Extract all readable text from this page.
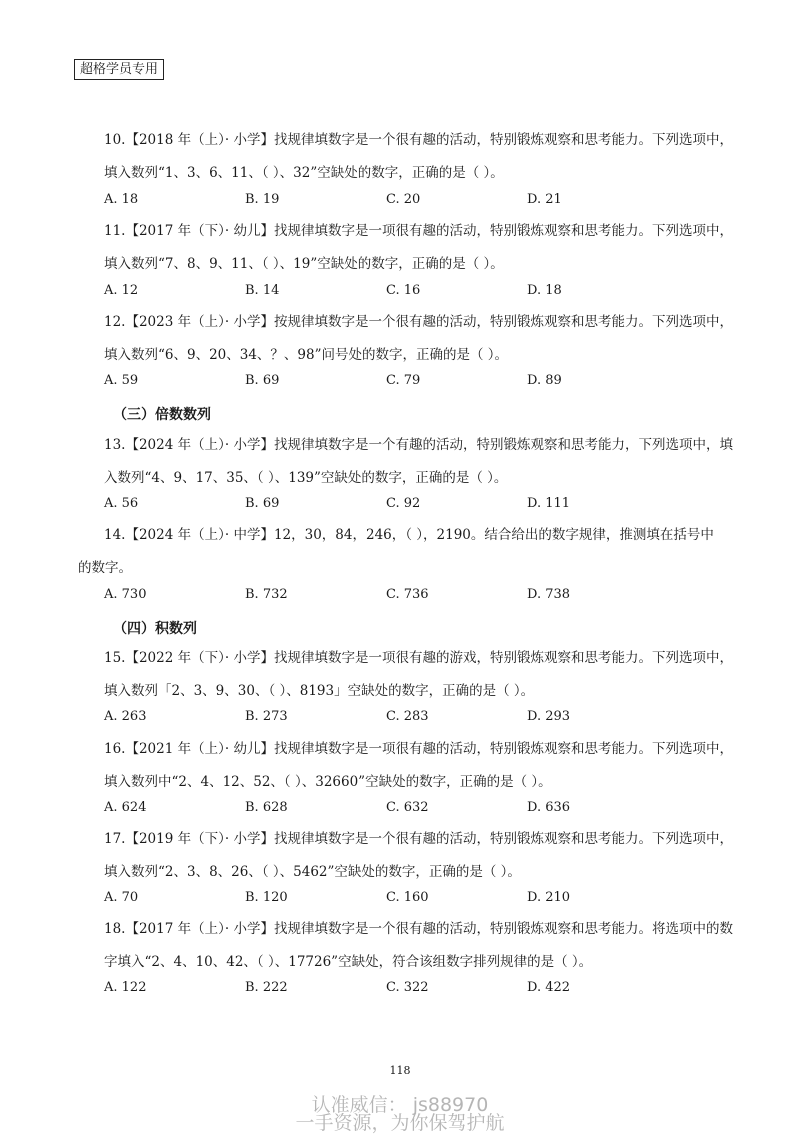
超格学员专用
10.【2018 年（上）· 小学】找规律填数字是一个很有趣的活动，特别锻炼观察和思考能力。下列选项中，
填入数列“1、3、6、11、（ ）、32”空缺处的数字，正确的是（ ）。
A. 18	B. 19	C. 20	D. 21
11.【2017 年（下）· 幼儿】找规律填数字是一项很有趣的活动，特别锻炼观察和思考能力。下列选项中，
填入数列“7、8、9、11、（ ）、19”空缺处的数字，正确的是（ ）。
A. 12	B. 14	C. 16	D. 18
12.【2023 年（上）· 小学】按规律填数字是一个很有趣的活动，特别锻炼观察和思考能力。下列选项中，
填入数列“6、9、20、34、？、98”问号处的数字，正确的是（ ）。
A. 59	B. 69	C. 79	D. 89
（三）倍数数列
13.【2024 年（上）· 小学】找规律填数字是一个有趣的活动，特别锻炼观察和思考能力，下列选项中，填
入数列“4、9、17、35、（ ）、139”空缺处的数字，正确的是（ ）。
A. 56	B. 69	C. 92	D. 111
14.【2024 年（上）· 中学】12，30，84，246，（ ），2190。结合给出的数字规律，推测填在括号中
的数字。
A. 730	B. 732	C. 736	D. 738
（四）积数列
15.【2022 年（下）· 小学】找规律填数字是一项很有趣的游戏，特别锻炼观察和思考能力。下列选项中，
填入数列「2、3、9、30、（ ）、8193」空缺处的数字，正确的是（ ）。
A. 263	B. 273	C. 283	D. 293
16.【2021 年（上）· 幼儿】找规律填数字是一项很有趣的活动，特别锻炼观察和思考能力。下列选项中，
填入数列中“2、4、12、52、（ ）、32660”空缺处的数字，正确的是（ ）。
A. 624	B. 628	C. 632	D. 636
17.【2019 年（下）· 小学】找规律填数字是一个很有趣的活动，特别锻炼观察和思考能力。下列选项中，
填入数列“2、3、8、26、（ ）、5462”空缺处的数字，正确的是（ ）。
A. 70	B. 120	C. 160	D. 210
18.【2017 年（上）· 小学】找规律填数字是一个很有趣的活动，特别锻炼观察和思考能力。将选项中的数
字填入“2、4、10、42、（ ）、17726”空缺处，符合该组数字排列规律的是（ ）。
A. 122	B. 222	C. 322	D. 422
118
认准威信： js88970
一手资源，为你保驾护航
